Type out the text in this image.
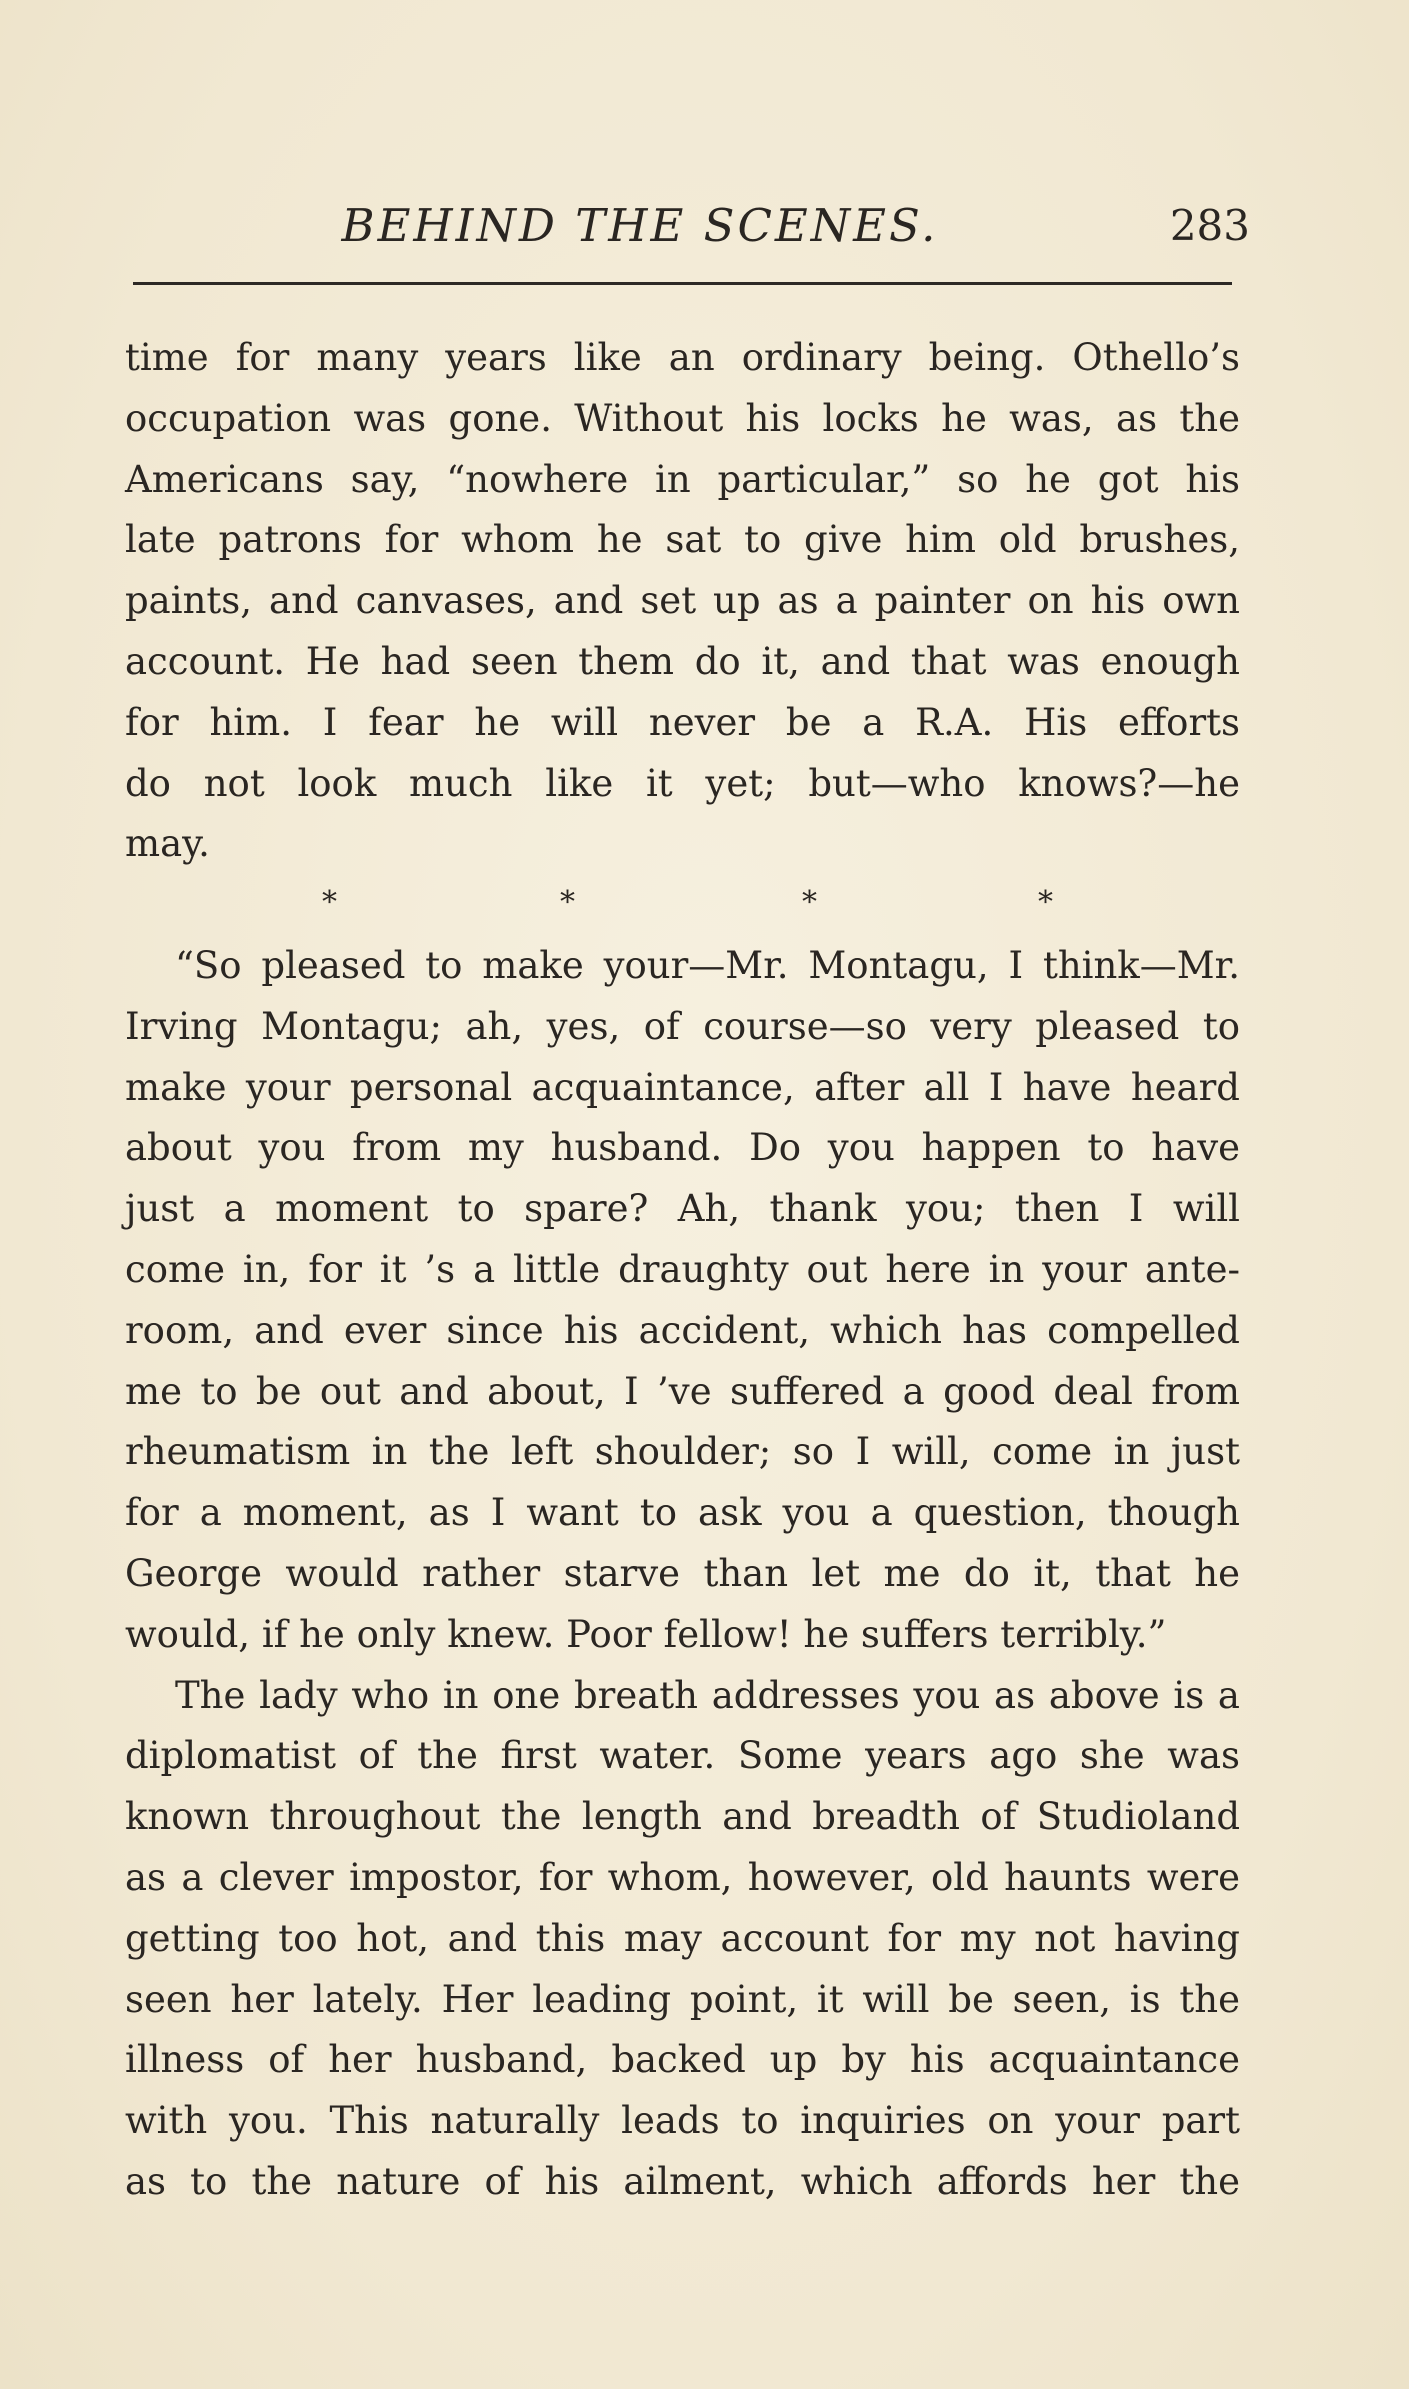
BEHIND THE SCENES.	283
time for many years like an ordinary being. Othello’s
occupation was gone. Without his locks he was, as the
Americans say, “nowhere in particular,” so he got his
late patrons for whom he sat to give him old brushes,
paints, and canvases, and set up as a painter on his own
account. He had seen them do it, and that was enough
for him. I fear he will never be a R.A. His efforts
do not look much like it yet; but—who knows?—he
may.
*	*	*	*
“So pleased to make your—Mr. Montagu, I think—Mr.
Irving Montagu; ah, yes, of course—so very pleased to
make your personal acquaintance, after all I have heard
about you from my husband. Do you happen to have
just a moment to spare? Ah, thank you; then I will
come in, for it ’s a little draughty out here in your ante-
room, and ever since his accident, which has compelled
me to be out and about, I ’ve suffered a good deal from
rheumatism in the left shoulder; so I will, come in just
for a moment, as I want to ask you a question, though
George would rather starve than let me do it, that he
would, if he only knew. Poor fellow! he suffers terribly.”
The lady who in one breath addresses you as above is a
diplomatist of the first water. Some years ago she was
known throughout the length and breadth of Studioland
as a clever impostor, for whom, however, old haunts were
getting too hot, and this may account for my not having
seen her lately. Her leading point, it will be seen, is the
illness of her husband, backed up by his acquaintance
with you. This naturally leads to inquiries on your part
as to the nature of his ailment, which affords her the
